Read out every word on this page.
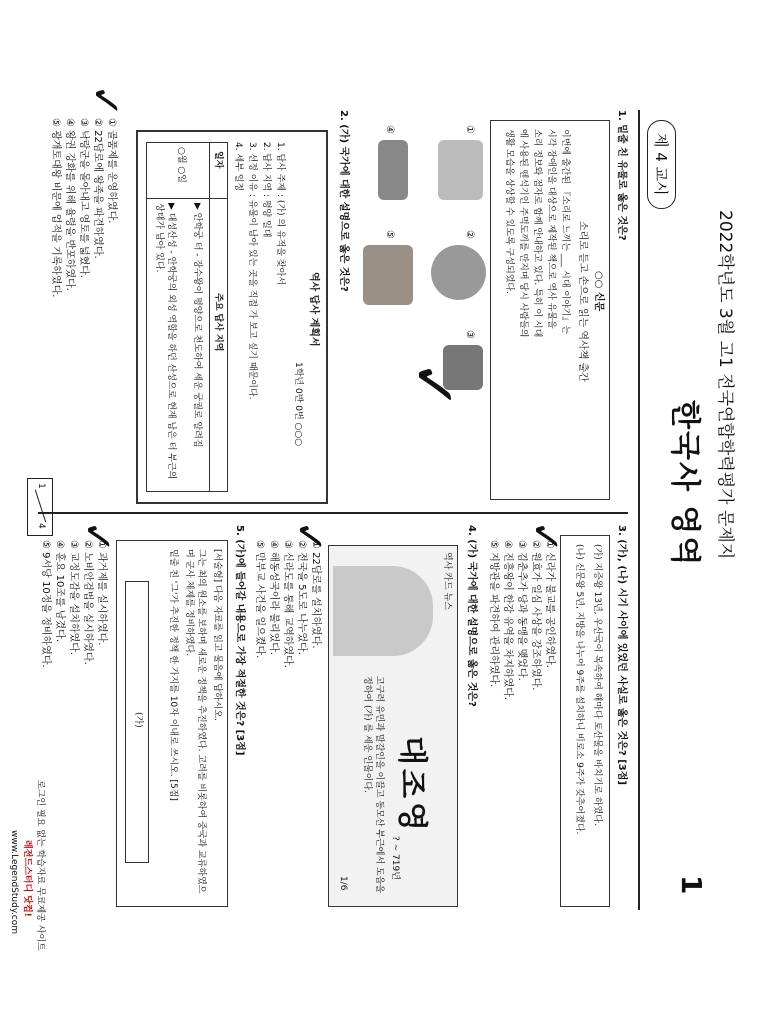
제 4 교시
2022학년도 3월 고1 전국연합학력평가 문제지
한국사 영역
1
1. 밑줄 친 유물로 옳은 것은?
○○ 신문
소리로 듣고 손으로 읽는 역사책 출간
이번에 출간된 『소리로 느끼는 ___ 시대 이야기』는
시각 장애인을 대상으로 제작된 책으로 역사 유물을
소리 정보와 점자로 함께 안내하고 있다. 특히 이 시대
에 사용된 뗀석기인 주먹도끼를 만지며 당시 사람들의
생활 모습을 상상할 수 있도록 구성되었다.
①
②
③
✓
④
⑤
2. (가) 국가에 대한 설명으로 옳은 것은?
역사 답사 계획서
1학년 0반 0번 ○○○
1. 답사 주제 : (가) 의 유적을 찾아서
2. 답사 지역 : 평양 일대
3. 선정 이유 : 유물이 남아 있는 곳을 직접 가 보고 싶기 때문이다.
4. 세부 일정
일자
주요 답사 지역
○월 ○일
▶ 안학궁 터 - 장수왕이 평양으로 천도하여 세운 궁궐로 알려짐
▶ 대성산성 - 안학궁의 외성 역할을 하던 산성으로 현재 남은 터 부근의 상태가 남아 있다.
✓
① 골품제를 운영하였다.
② 22담로에 왕족을 파견하였다.
③ 낙랑군을 몰아내고 영토를 넓혔다.
④ 왕권 강화를 위해 율령을 반포하였다.
⑤ 광개토대왕 비문에 업적을 기록하였다.
3. (가), (나) 시기 사이에 있었던 사실로 옳은 것은? [3점]
(가) 지증왕 13년, 우산국이 복속하여 해마다 토산물을 바치기로 하였다.
(나) 신문왕 5년, 지방을 나누어 9주를 설치하니 비로소 9주가 갖추어졌다.
✓
① 신라가 불교를 공인하였다.
② 원효가 일심 사상을 강조하였다.
③ 김춘추가 당과 동맹을 맺었다.
④ 진흥왕이 한강 유역을 차지하였다.
⑤ 지방관을 파견하여 관리하였다.
4. (가) 국가에 대한 설명으로 옳은 것은?
역사 카드 뉴스
1/6
대조영
? ~ 719년
고구려 유민과 말갈인을 이끌고 동모산 부근에서 도읍을 정하여 (가) 를 세운 인물이다.
✓
① 22담로를 설치하였다.
② 전국을 5도로 나누었다.
③ 신라도를 통해 교역하였다.
④ 해동성국이라 불리었다.
⑤ 만부교 사건을 일으켰다.
5. (가)에 들어갈 내용으로 가장 적절한 것은? [3점]
[서술형] 다음 자료를 읽고 물음에 답하시오.
그는 최의 원소를 보하며 새로운 정책을 추진하였다. 고려를 비롯하여 중국과 교류하였으며 군사 체제를 정비하였다.
밑줄 친 '그'가 추진한 정책 한 가지를 10자 이내로 쓰시오. [5점]
(가)
✓
① 과거제를 실시하였다.
② 노비안검법을 실시하였다.
③ 교정도감을 설치하였다.
④ 훈요 10조를 남겼다.
⑤ 9서당 10정을 정비하였다.
1
4
로그인 필요 없는 학습자료 무료제공 사이트
레전드스터디 닷컴!
www.LegendStudy.com
